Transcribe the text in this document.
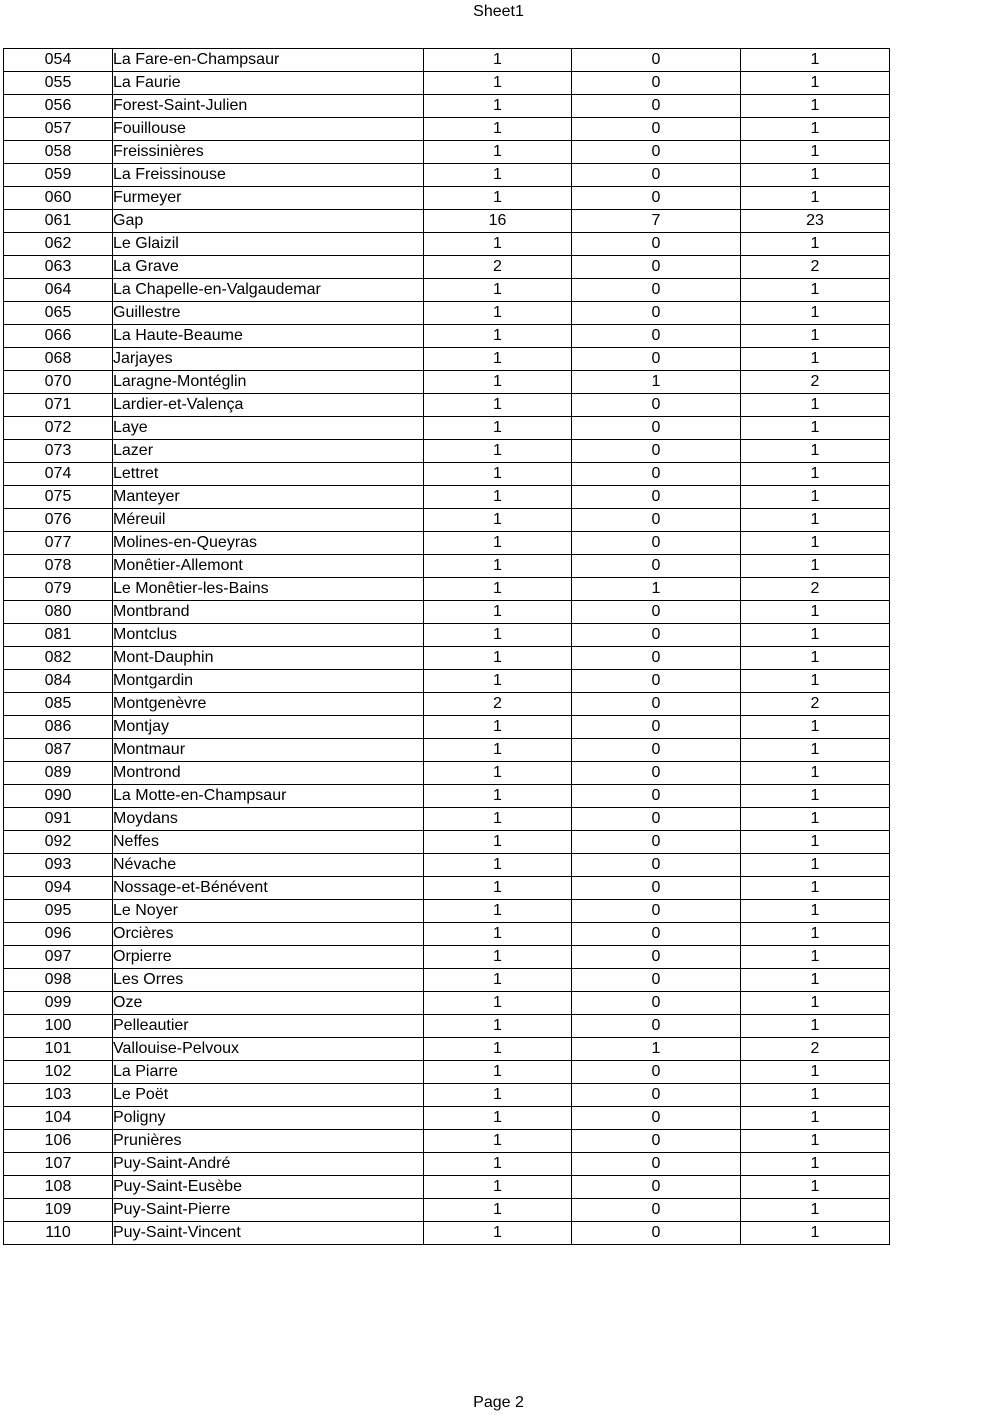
Sheet1
054	La Fare-en-Champsaur	1	0	1
055	La Faurie	1	0	1
056	Forest-Saint-Julien	1	0	1
057	Fouillouse	1	0	1
058	Freissinières	1	0	1
059	La Freissinouse	1	0	1
060	Furmeyer	1	0	1
061	Gap	16	7	23
062	Le Glaizil	1	0	1
063	La Grave	2	0	2
064	La Chapelle-en-Valgaudemar	1	0	1
065	Guillestre	1	0	1
066	La Haute-Beaume	1	0	1
068	Jarjayes	1	0	1
070	Laragne-Montéglin	1	1	2
071	Lardier-et-Valença	1	0	1
072	Laye	1	0	1
073	Lazer	1	0	1
074	Lettret	1	0	1
075	Manteyer	1	0	1
076	Méreuil	1	0	1
077	Molines-en-Queyras	1	0	1
078	Monêtier-Allemont	1	0	1
079	Le Monêtier-les-Bains	1	1	2
080	Montbrand	1	0	1
081	Montclus	1	0	1
082	Mont-Dauphin	1	0	1
084	Montgardin	1	0	1
085	Montgenèvre	2	0	2
086	Montjay	1	0	1
087	Montmaur	1	0	1
089	Montrond	1	0	1
090	La Motte-en-Champsaur	1	0	1
091	Moydans	1	0	1
092	Neffes	1	0	1
093	Névache	1	0	1
094	Nossage-et-Bénévent	1	0	1
095	Le Noyer	1	0	1
096	Orcières	1	0	1
097	Orpierre	1	0	1
098	Les Orres	1	0	1
099	Oze	1	0	1
100	Pelleautier	1	0	1
101	Vallouise-Pelvoux	1	1	2
102	La Piarre	1	0	1
103	Le Poët	1	0	1
104	Poligny	1	0	1
106	Prunières	1	0	1
107	Puy-Saint-André	1	0	1
108	Puy-Saint-Eusèbe	1	0	1
109	Puy-Saint-Pierre	1	0	1
110	Puy-Saint-Vincent	1	0	1
Page 2
